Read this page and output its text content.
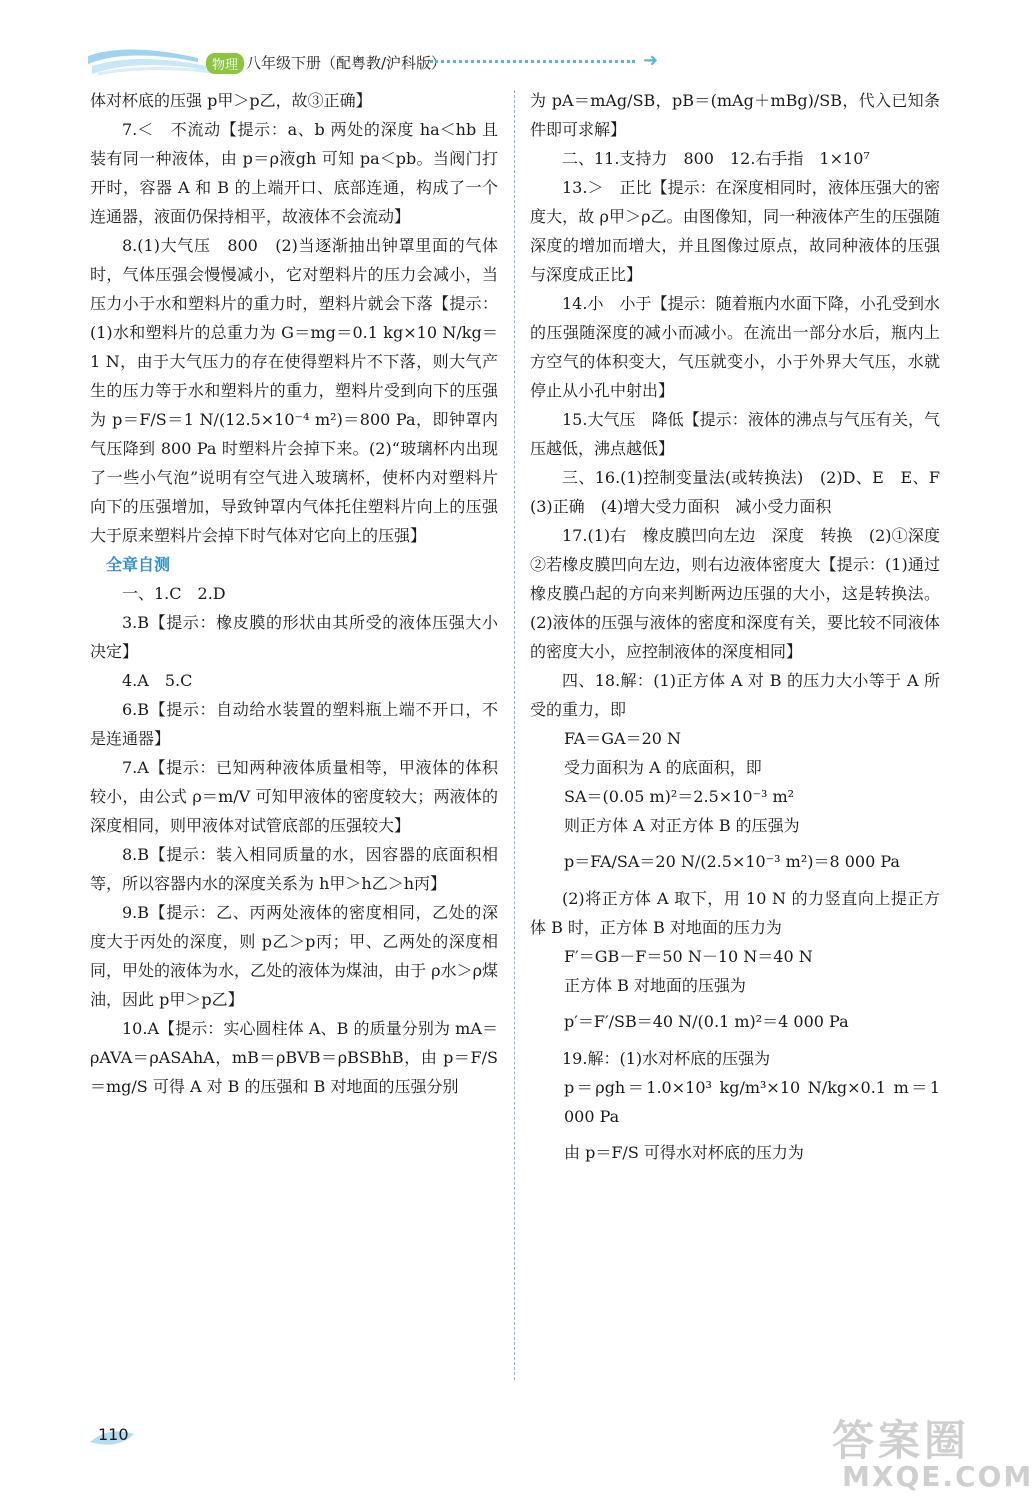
物理 八年级下册（配粤教/沪科版）	➜

体对杯底的压强 p甲＞p乙，故③正确】

7.＜　不流动【提示：a、b 两处的深度 ha＜hb 且装有同一种液体，由 p＝ρ液gh 可知 pa＜pb。当阀门打开时，容器 A 和 B 的上端开口、底部连通，构成了一个连通器，液面仍保持相平，故液体不会流动】

8.(1)大气压　800　(2)当逐渐抽出钟罩里面的气体时，气体压强会慢慢减小，它对塑料片的压力会减小，当压力小于水和塑料片的重力时，塑料片就会下落【提示：(1)水和塑料片的总重力为 G＝mg＝0.1 kg×10 N/kg＝1 N，由于大气压力的存在使得塑料片不下落，则大气产生的压力等于水和塑料片的重力，塑料片受到向下的压强为 p＝F/S＝1 N/(12.5×10⁻⁴ m²)＝800 Pa，即钟罩内气压降到 800 Pa 时塑料片会掉下来。(2)“玻璃杯内出现了一些小气泡”说明有空气进入玻璃杯，使杯内对塑料片向下的压强增加，导致钟罩内气体托住塑料片向上的压强大于原来塑料片会掉下时气体对它向上的压强】

全章自测

一、1.C　2.D

3.B【提示：橡皮膜的形状由其所受的液体压强大小决定】

4.A　5.C

6.B【提示：自动给水装置的塑料瓶上端不开口，不是连通器】

7.A【提示：已知两种液体质量相等，甲液体的体积较小，由公式 ρ＝m/V 可知甲液体的密度较大；两液体的深度相同，则甲液体对试管底部的压强较大】

8.B【提示：装入相同质量的水，因容器的底面积相等，所以容器内水的深度关系为 h甲＞h乙＞h丙】

9.B【提示：乙、丙两处液体的密度相同，乙处的深度大于丙处的深度，则 p乙＞p丙；甲、乙两处的深度相同，甲处的液体为水，乙处的液体为煤油，由于 ρ水＞ρ煤油，因此 p甲＞p乙】

10.A【提示：实心圆柱体 A、B 的质量分别为 mA＝ρAVA＝ρASAhA，mB＝ρBVB＝ρBSBhB，由 p＝F/S＝mg/S 可得 A 对 B 的压强和 B 对地面的压强分别

为 pA＝mAg/SB，pB＝(mAg＋mBg)/SB，代入已知条件即可求解】

二、11.支持力　800　12.右手指　1×10⁷

13.＞　正比【提示：在深度相同时，液体压强大的密度大，故 ρ甲＞ρ乙。由图像知，同一种液体产生的压强随深度的增加而增大，并且图像过原点，故同种液体的压强与深度成正比】

14.小　小于【提示：随着瓶内水面下降，小孔受到水的压强随深度的减小而减小。在流出一部分水后，瓶内上方空气的体积变大，气压就变小，小于外界大气压，水就停止从小孔中射出】

15.大气压　降低【提示：液体的沸点与气压有关，气压越低，沸点越低】

三、16.(1)控制变量法(或转换法)　(2)D、E　E、F　(3)正确　(4)增大受力面积　减小受力面积

17.(1)右　橡皮膜凹向左边　深度　转换　(2)①深度　②若橡皮膜凹向左边，则右边液体密度大【提示：(1)通过橡皮膜凸起的方向来判断两边压强的大小，这是转换法。(2)液体的压强与液体的密度和深度有关，要比较不同液体的密度大小，应控制液体的深度相同】

四、18.解：(1)正方体 A 对 B 的压力大小等于 A 所受的重力，即

FA＝GA＝20 N

受力面积为 A 的底面积，即

SA＝(0.05 m)²＝2.5×10⁻³ m²

则正方体 A 对正方体 B 的压强为

p＝FA/SA＝20 N/(2.5×10⁻³ m²)＝8 000 Pa

(2)将正方体 A 取下，用 10 N 的力竖直向上提正方体 B 时，正方体 B 对地面的压力为

F′＝GB－F＝50 N－10 N＝40 N

正方体 B 对地面的压强为

p′＝F′/SB＝40 N/(0.1 m)²＝4 000 Pa

19.解：(1)水对杯底的压强为

p＝ρgh＝1.0×10³ kg/m³×10 N/kg×0.1 m＝1 000 Pa

由 p＝F/S 可得水对杯底的压力为

110	答案圈
MXQE.COM
